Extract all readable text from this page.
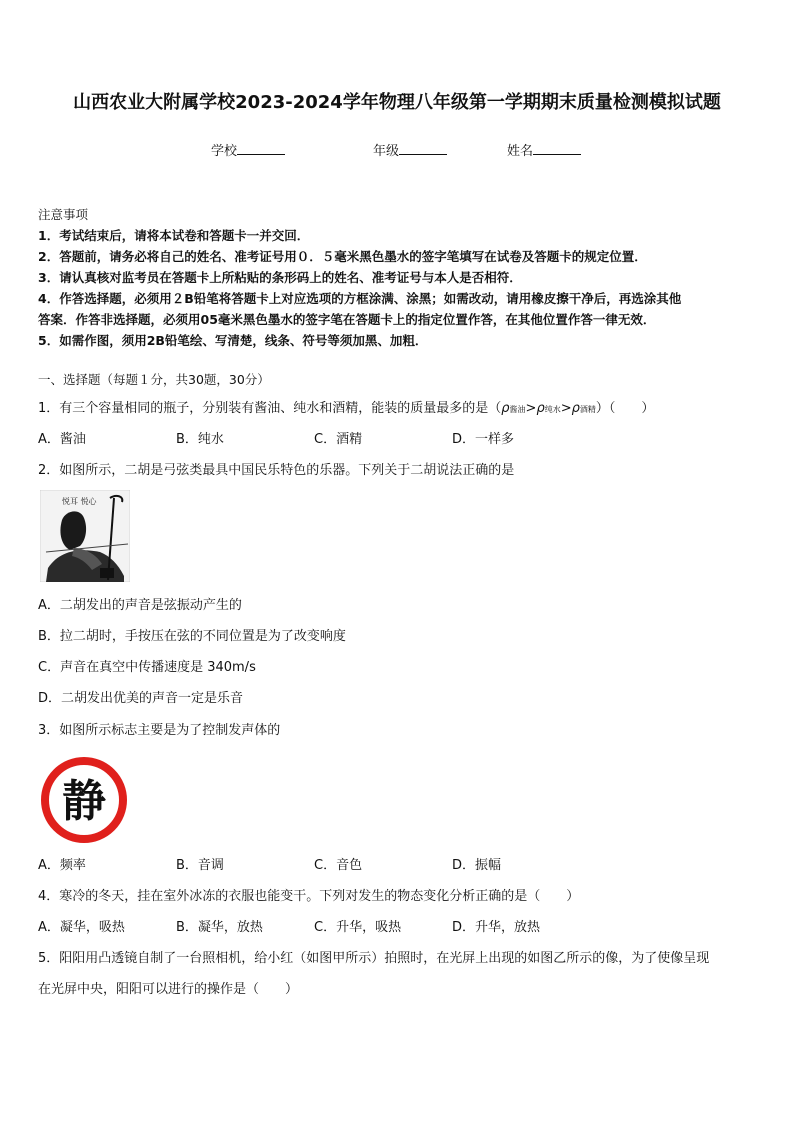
山西农业大附属学校2023-2024学年物理八年级第一学期期末质量检测模拟试题
学校	年级	姓名
注意事项
1．考试结束后，请将本试卷和答题卡一并交回．
2．答题前，请务必将自己的姓名、准考证号用０．５毫米黑色墨水的签字笔填写在试卷及答题卡的规定位置．
3．请认真核对监考员在答题卡上所粘贴的条形码上的姓名、准考证号与本人是否相符．
4．作答选择题，必须用２B铅笔将答题卡上对应选项的方框涂满、涂黑；如需改动，请用橡皮擦干净后，再选涂其他
答案．作答非选择题，必须用05毫米黑色墨水的签字笔在答题卡上的指定位置作答，在其他位置作答一律无效．
5．如需作图，须用2B铅笔绘、写清楚，线条、符号等须加黑、加粗．
一、选择题（每题１分，共30题，30分）
1．有三个容量相同的瓶子，分别装有酱油、纯水和酒精，能装的质量最多的是（ρ酱油>ρ纯水>ρ酒精）（　　）
A．酱油	B．纯水	C．酒精	D．一样多
2．如图所示，二胡是弓弦类最具中国民乐特色的乐器。下列关于二胡说法正确的是
悦耳 悦心
A．二胡发出的声音是弦振动产生的
B．拉二胡时，手按压在弦的不同位置是为了改变响度
C．声音在真空中传播速度是 340m/s
D．二胡发出优美的声音一定是乐音
3．如图所示标志主要是为了控制发声体的
静
A．频率	B．音调	C．音色	D．振幅
4．寒冷的冬天，挂在室外冰冻的衣服也能变干。下列对发生的物态变化分析正确的是（　　）
A．凝华，吸热	B．凝华，放热	C．升华，吸热	D．升华，放热
5．阳阳用凸透镜自制了一台照相机，给小红（如图甲所示）拍照时，在光屏上出现的如图乙所示的像，为了使像呈现
在光屏中央，阳阳可以进行的操作是（　　）
